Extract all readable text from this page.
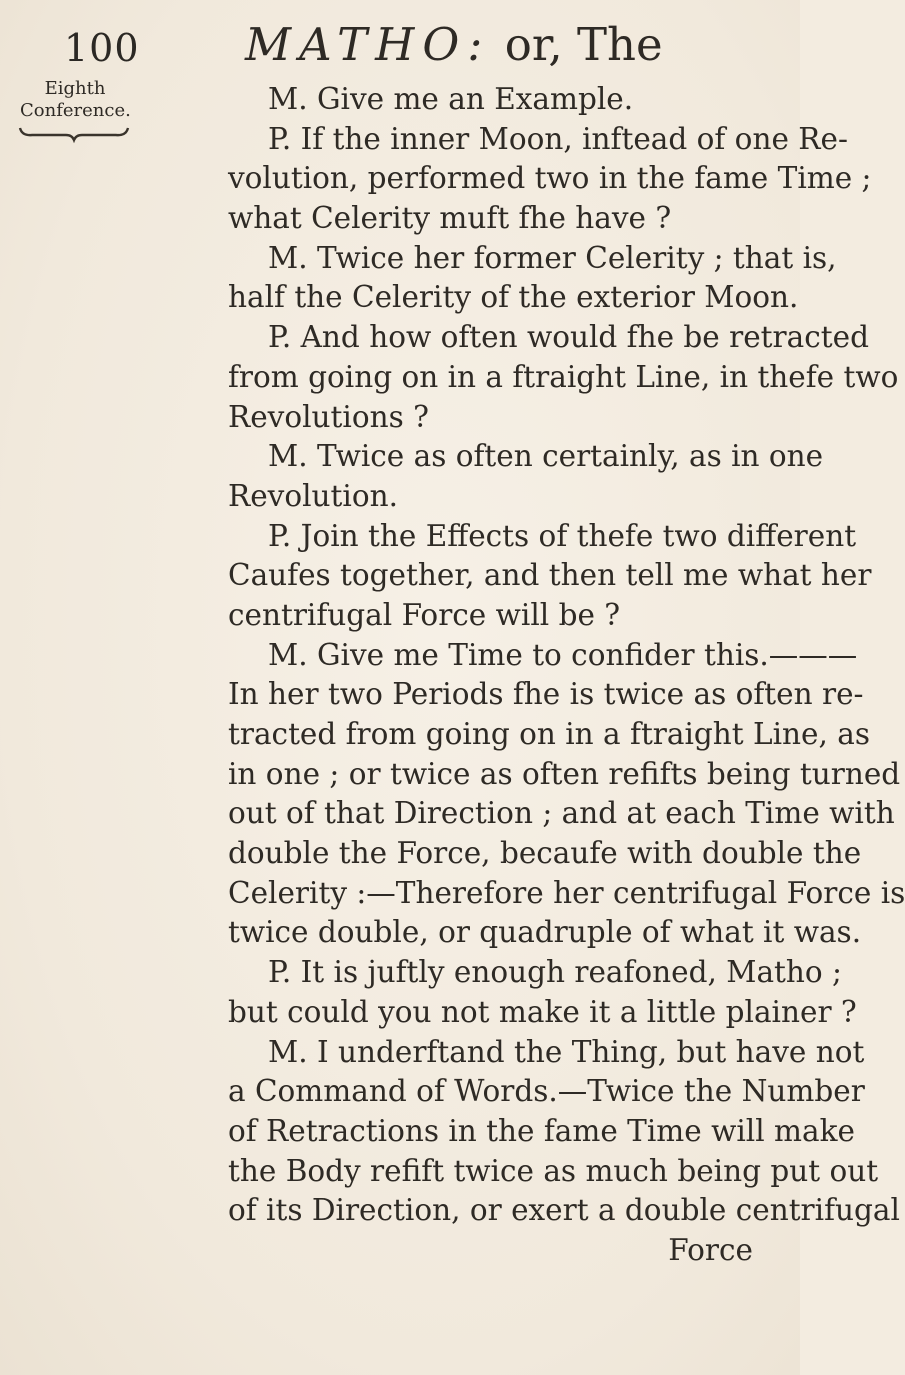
100 MATHO: or, The
Eighth
Conference.	M. Give me an Example.
P. If the inner Moon, inftead of one Re-
volution, performed two in the fame Time ;
what Celerity muft fhe have ?
M. Twice her former Celerity ; that is,
half the Celerity of the exterior Moon.
P. And how often would fhe be retracted
from going on in a ftraight Line, in thefe two
Revolutions ?
M. Twice as often certainly, as in one
Revolution.
P. Join the Effects of thefe two different
Caufes together, and then tell me what her
centrifugal Force will be ?
M. Give me Time to confider this.———
In her two Periods fhe is twice as often re-
tracted from going on in a ftraight Line, as
in one ; or twice as often refifts being turned
out of that Direction ; and at each Time with
double the Force, becaufe with double the
Celerity :—Therefore her centrifugal Force is
twice double, or quadruple of what it was.
P. It is juftly enough reafoned, Matho ;
but could you not make it a little plainer ?
M. I underftand the Thing, but have not
a Command of Words.—Twice the Number
of Retractions in the fame Time will make
the Body refift twice as much being put out
of its Direction, or exert a double centrifugal
Force
